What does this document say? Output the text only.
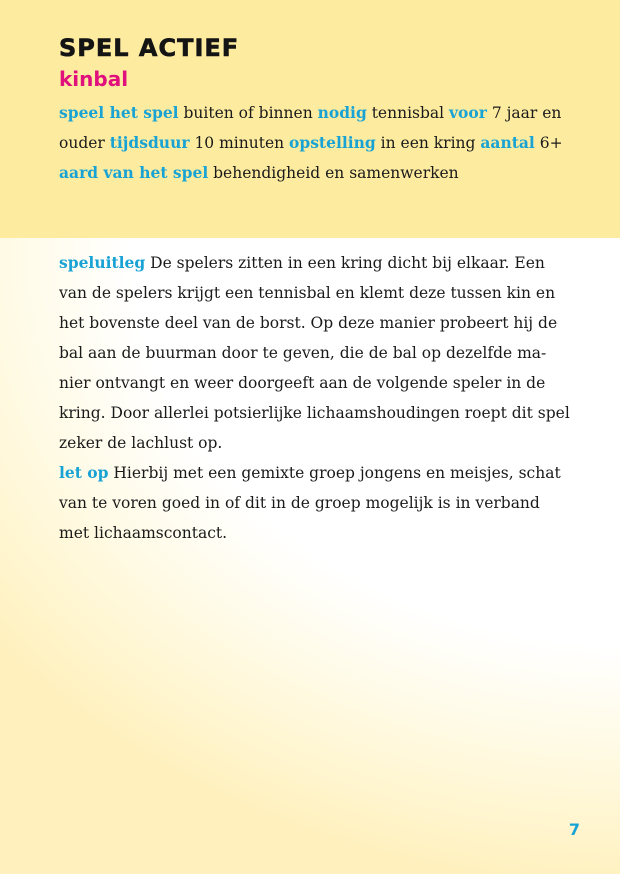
SPEL ACTIEF
kinbal
speel het spel buiten of binnen nodig tennisbal voor 7 jaar en ouder tijdsduur 10 minuten opstelling in een kring aantal 6+
aard van het spel behendigheid en samenwerken

speluitleg De spelers zitten in een kring dicht bij elkaar. Een van de spelers krijgt een tennisbal en klemt deze tussen kin en het bovenste deel van de borst. Op deze manier probeert hij de bal aan de buurman door te geven, die de bal op dezelfde manier ontvangt en weer doorgeeft aan de volgende speler in de kring. Door allerlei potsierlijke lichaamshoudingen roept dit spel zeker de lachlust op.

let op Hierbij met een gemixte groep jongens en meisjes, schat van te voren goed in of dit in de groep mogelijk is in verband met lichaamscontact.

7
